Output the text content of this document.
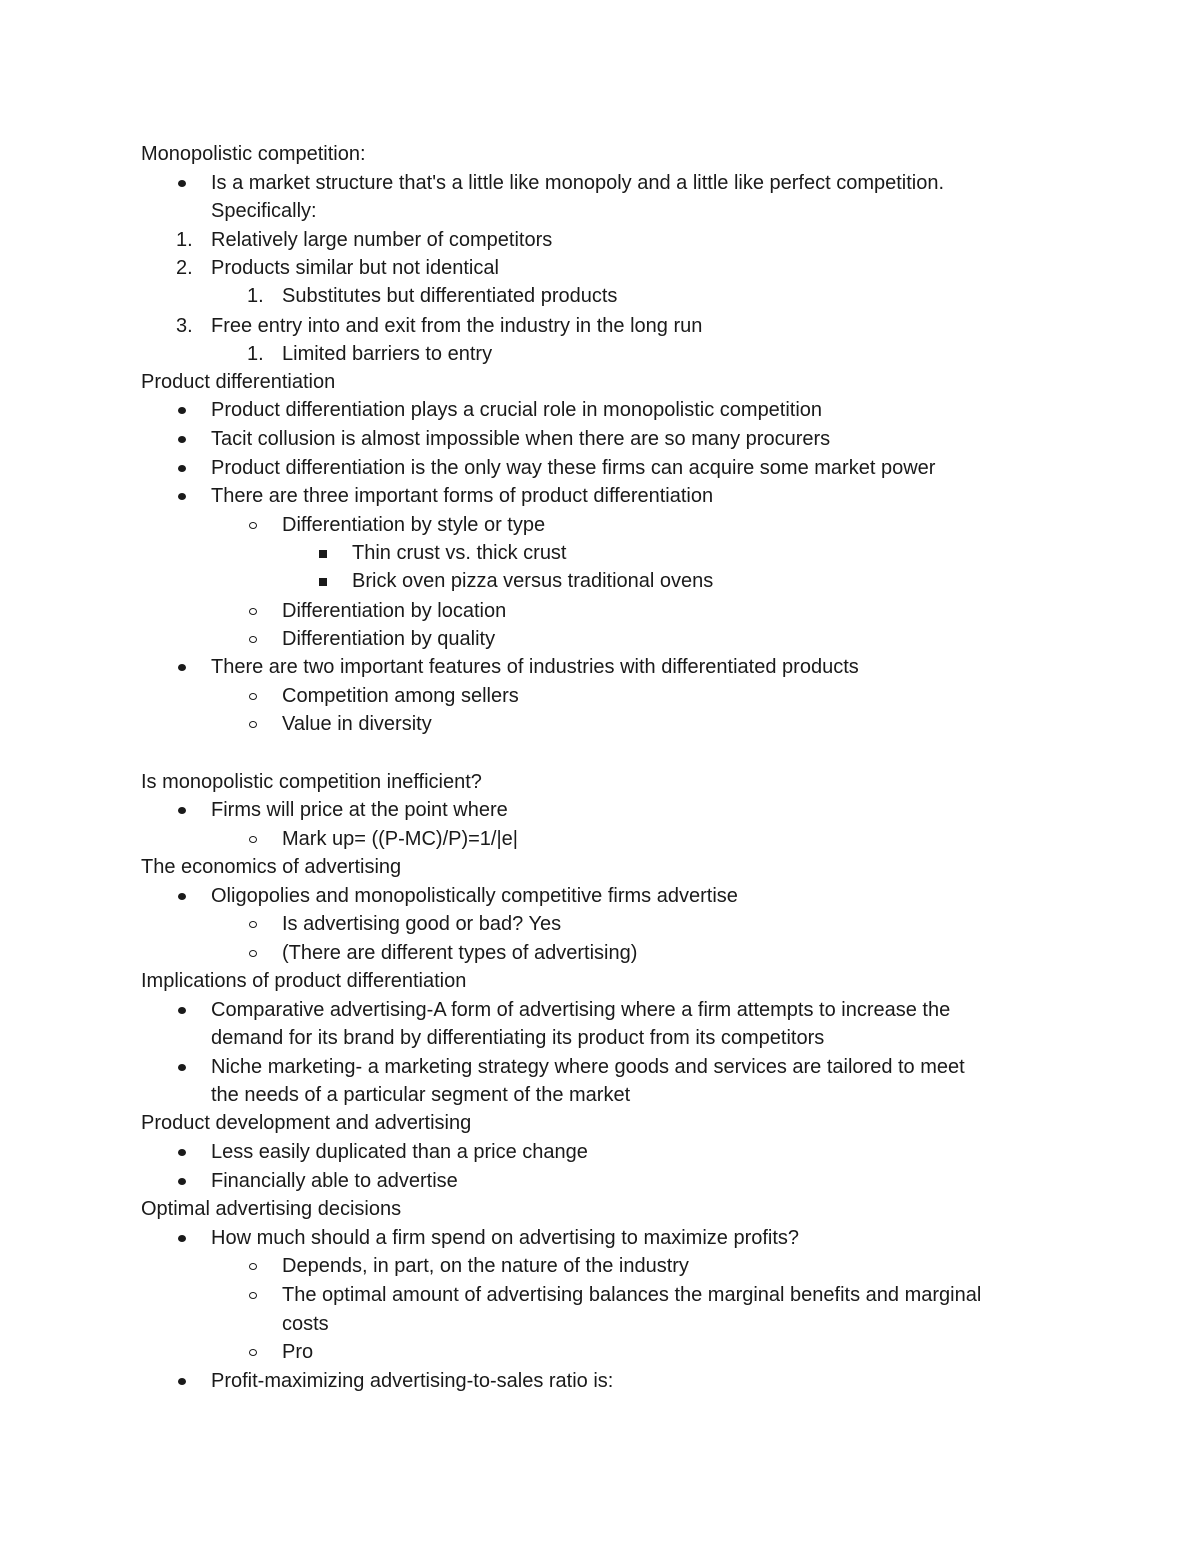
Monopolistic competition:
Is a market structure that's a little like monopoly and a little like perfect competition.
Specifically:
1. Relatively large number of competitors
2. Products similar but not identical
1. Substitutes but differentiated products
3. Free entry into and exit from the industry in the long run
1. Limited barriers to entry
Product differentiation
Product differentiation plays a crucial role in monopolistic competition
Tacit collusion is almost impossible when there are so many procurers
Product differentiation is the only way these firms can acquire some market power
There are three important forms of product differentiation
Differentiation by style or type
Thin crust vs. thick crust
Brick oven pizza versus traditional ovens
Differentiation by location
Differentiation by quality
There are two important features of industries with differentiated products
Competition among sellers
Value in diversity
Is monopolistic competition inefficient?
Firms will price at the point where
Mark up= ((P-MC)/P)=1/|e|
The economics of advertising
Oligopolies and monopolistically competitive firms advertise
Is advertising good or bad? Yes
(There are different types of advertising)
Implications of product differentiation
Comparative advertising-A form of advertising where a firm attempts to increase the
demand for its brand by differentiating its product from its competitors
Niche marketing- a marketing strategy where goods and services are tailored to meet
the needs of a particular segment of the market
Product development and advertising
Less easily duplicated than a price change
Financially able to advertise
Optimal advertising decisions
How much should a firm spend on advertising to maximize profits?
Depends, in part, on the nature of the industry
The optimal amount of advertising balances the marginal benefits and marginal
costs
Pro
Profit-maximizing advertising-to-sales ratio is:
